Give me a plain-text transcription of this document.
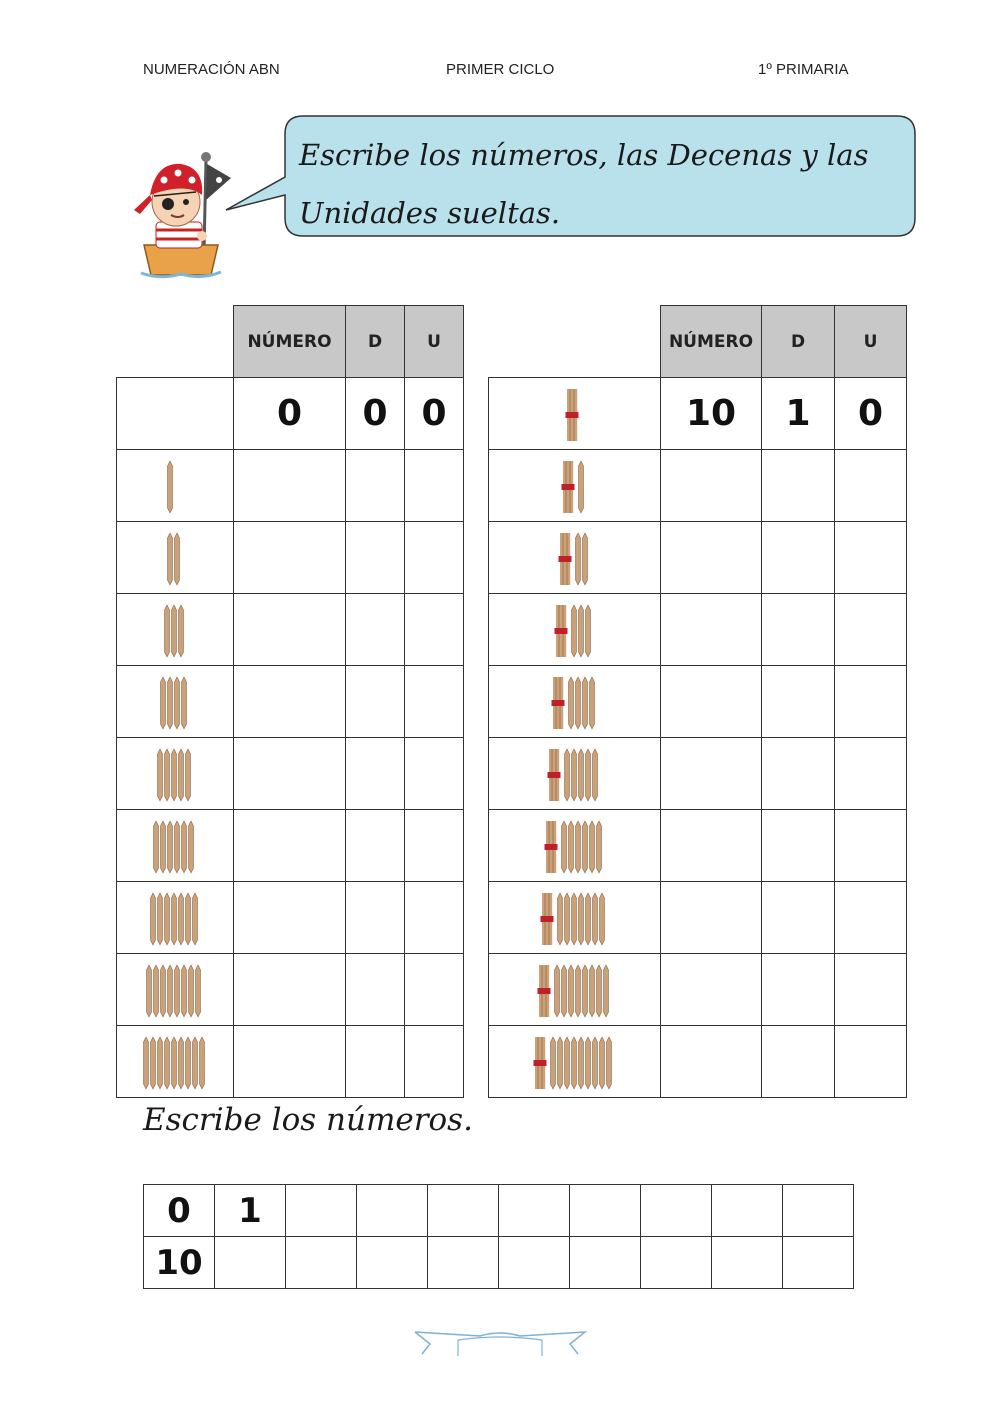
NUMERACIÓN ABN	PRIMER CICLO	1º PRIMARIA
Escribe los números, las Decenas y las
Unidades sueltas.
	NÚMERO	D	U
	0	0	0

	NÚMERO	D	U

	10	1	0

Escribe los números.
0	1								
10									
